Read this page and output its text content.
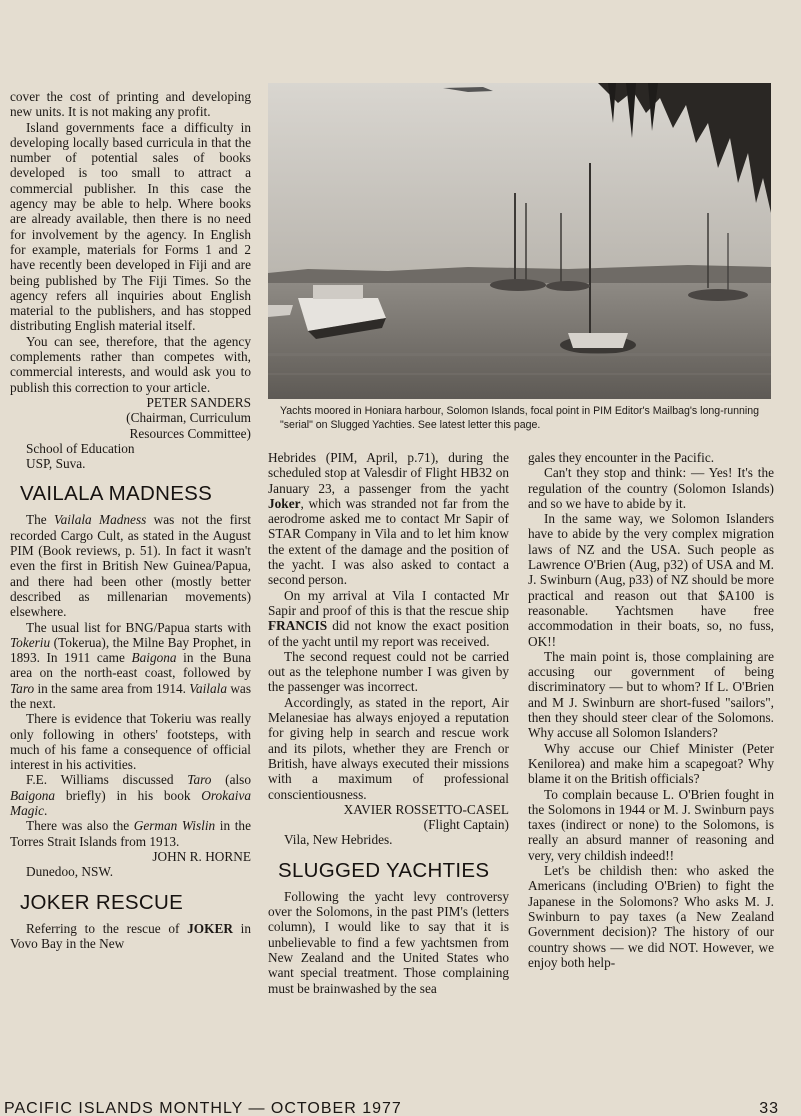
Yachts moored in Honiara harbour, Solomon Islands, focal point in PIM Editor's Mailbag's long-running "serial" on Slugged Yachties. See latest letter this page.

cover the cost of printing and developing new units. It is not making any profit.

Island governments face a difficulty in developing locally based curricula in that the number of potential sales of books developed is too small to attract a commercial publisher. In this case the agency may be able to help. Where books are already available, then there is no need for involvement by the agency. In English for example, materials for Forms 1 and 2 have recently been developed in Fiji and are being published by The Fiji Times. So the agency refers all inquiries about English material to the publishers, and has stopped distributing English material itself.

You can see, therefore, that the agency complements rather than competes with, commercial interests, and would ask you to publish this correction to your article.

PETER SANDERS

(Chairman, Curriculum

Resources Committee)

School of Education

USP, Suva.

VAILALA MADNESS

The Vailala Madness was not the first recorded Cargo Cult, as stated in the August PIM (Book reviews, p. 51). In fact it wasn't even the first in British New Guinea/Papua, and there had been other (mostly better described as millenarian movements) elsewhere.

The usual list for BNG/Papua starts with Tokeriu (Tokerua), the Milne Bay Prophet, in 1893. In 1911 came Baigona in the Buna area on the north-east coast, followed by Taro in the same area from 1914. Vailala was the next.

There is evidence that Tokeriu was really only following in others' footsteps, with much of his fame a consequence of official interest in his activities.

F.E. Williams discussed Taro (also Baigona briefly) in his book Orokaiva Magic.

There was also the German Wislin in the Torres Strait Islands from 1913.

JOHN R. HORNE

Dunedoo, NSW.

JOKER RESCUE

Referring to the rescue of JOKER in Vovo Bay in the New

Hebrides (PIM, April, p.71), during the scheduled stop at Valesdir of Flight HB32 on January 23, a passenger from the yacht Joker, which was stranded not far from the aerodrome asked me to contact Mr Sapir of STAR Company in Vila and to let him know the extent of the damage and the position of the yacht. I was also asked to contact a second person.

On my arrival at Vila I contacted Mr Sapir and proof of this is that the rescue ship FRANCIS did not know the exact position of the yacht until my report was received.

The second request could not be carried out as the telephone number I was given by the passenger was incorrect.

Accordingly, as stated in the report, Air Melanesiae has always enjoyed a reputation for giving help in search and rescue work and its pilots, whether they are French or British, have always executed their missions with a maximum of professional conscientiousness.

XAVIER ROSSETTO-CASEL

(Flight Captain)

Vila, New Hebrides.

SLUGGED YACHTIES

Following the yacht levy controversy over the Solomons, in the past PIM's (letters column), I would like to say that it is unbelievable to find a few yachtsmen from New Zealand and the United States who want special treatment. Those complaining must be brainwashed by the sea

gales they encounter in the Pacific.

Can't they stop and think: — Yes! It's the regulation of the country (Solomon Islands) and so we have to abide by it.

In the same way, we Solomon Islanders have to abide by the very complex migration laws of NZ and the USA. Such people as Lawrence O'Brien (Aug, p32) of USA and M. J. Swinburn (Aug, p33) of NZ should be more practical and reason out that $A100 is reasonable. Yachtsmen have free accommodation in their boats, so, no fuss, OK!!

The main point is, those complaining are accusing our government of being discriminatory — but to whom? If L. O'Brien and M J. Swinburn are short-fused "sailors", then they should steer clear of the Solomons. Why accuse all Solomon Islanders?

Why accuse our Chief Minister (Peter Kenilorea) and make him a scapegoat? Why blame it on the British officials?

To complain because L. O'Brien fought in the Solomons in 1944 or M. J. Swinburn pays taxes (indirect or none) to the Solomons, is really an absurd manner of reasoning and very, very childish indeed!!

Let's be childish then: who asked the Americans (including O'Brien) to fight the Japanese in the Solomons? Who asks M. J. Swinburn to pay taxes (a New Zealand Government decision)? The history of our country shows — we did NOT. However, we enjoy both help-

PACIFIC ISLANDS MONTHLY — OCTOBER 1977	33
